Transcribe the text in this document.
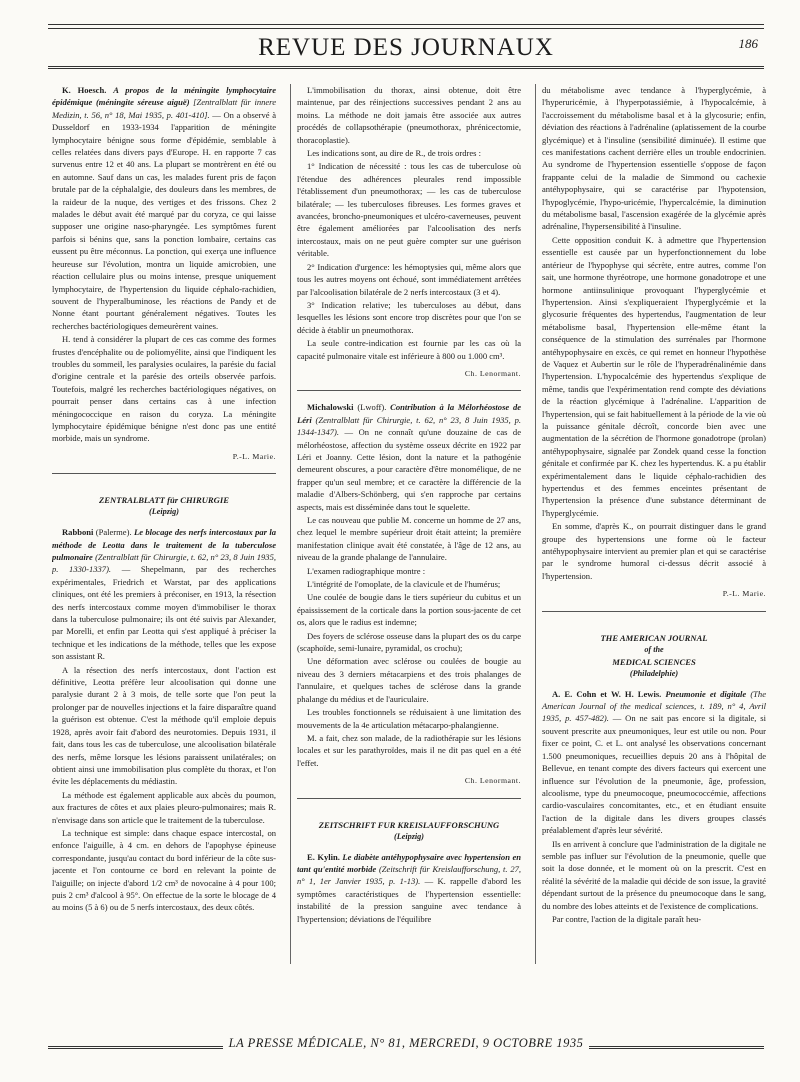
REVUE DES JOURNAUX	186

K. Hoesch. A propos de la méningite lymphocytaire épidémique (méningite séreuse aiguë) [Zentralblatt für innere Medizin, t. 56, n° 18, Mai 1935, p. 401-410]. — On a observé à Dusseldorf en 1933-1934 l'apparition de méningite lymphocytaire bénigne sous forme d'épidémie, semblable à celles relatées dans divers pays d'Europe. H. en rapporte 7 cas survenus entre 12 et 40 ans. La plupart se montrèrent en été ou en automne. Sauf dans un cas, les malades furent pris de façon brutale par de la céphalalgie, des douleurs dans les membres, de la raideur de la nuque, des vertiges et des frissons. Chez 2 malades le début avait été marqué par du coryza, ce qui laisse supposer une origine naso-pharyngée. Les symptômes furent parfois si bénins que, sans la ponction lombaire, certains cas eussent pu être méconnus. La ponction, qui exerça une influence heureuse sur l'évolution, montra un liquide amicrobien, une réaction cellulaire plus ou moins intense, presque uniquement lymphocytaire, de l'hypertension du liquide céphalo-rachidien, souvent de l'hyperalbuminose, les réactions de Pandy et de Nonne étant pourtant généralement négatives. Toutes les recherches bactériologiques demeurèrent vaines.

H. tend à considérer la plupart de ces cas comme des formes frustes d'encéphalite ou de poliomyélite, ainsi que l'indiquent les troubles du sommeil, les paralysies oculaires, la parésie du facial d'origine centrale et la parésie des orteils observée parfois. Toutefois, malgré les recherches bactériologiques négatives, on pourrait penser dans certains cas à une infection méningococcique en raison du coryza. La méningite lymphocytaire épidémique bénigne n'est donc pas une entité morbide, mais un syndrome.

P.-L. Marie.
ZENTRALBLATT für CHIRURGIE
(Leipzig)

Rabboni (Palerme). Le blocage des nerfs intercostaux par la méthode de Leotta dans le traitement de la tuberculose pulmonaire (Zentralblatt für Chirurgie, t. 62, n° 23, 8 Juin 1935, p. 1330-1337). — Shepelmann, par des recherches expérimentales, Friedrich et Warstat, par des applications cliniques, ont été les premiers à préconiser, en 1913, la résection des nerfs intercostaux comme moyen d'immobiliser le thorax dans la tuberculose pulmonaire; ils ont été suivis par Alexander, par Morelli, et enfin par Leotta qui s'est appliqué à préciser la technique et les indications de la méthode, telles que les expose son assistant R.

A la résection des nerfs intercostaux, dont l'action est définitive, Leotta préfère leur alcoolisation qui donne une paralysie durant 2 à 3 mois, de telle sorte que l'on peut la prolonger par de nouvelles injections et la faire disparaître quand la guérison est obtenue. C'est la méthode qu'il emploie depuis 1928, après avoir fait d'abord des neurotomies. Depuis 1931, il fait, dans tous les cas de tuberculose, une alcoolisation bilatérale des nerfs, même lorsque les lésions paraissent unilatérales; on obtient ainsi une immobilisation plus complète du thorax, et l'on évite les déplacements du médiastin.

La méthode est également applicable aux abcès du poumon, aux fractures de côtes et aux plaies pleuro-pulmonaires; mais R. n'envisage dans son article que le traitement de la tuberculose.

La technique est simple: dans chaque espace intercostal, on enfonce l'aiguille, à 4 cm. en dehors de l'apophyse épineuse correspondante, jusqu'au contact du bord inférieur de la côte sus-jacente et l'on contourne ce bord en relevant la pointe de l'aiguille; on injecte d'abord 1/2 cm³ de novocaïne à 4 pour 100; puis 2 cm³ d'alcool à 95°. On effectue de la sorte le blocage de 4 au moins (5 à 6) ou de 5 nerfs intercostaux, des deux côtés.

L'immobilisation du thorax, ainsi obtenue, doit être maintenue, par des réinjections successives pendant 2 ans au moins. La méthode ne doit jamais être associée aux autres procédés de collapsothérapie (pneumothorax, phrénicectomie, thoracoplastie).

Les indications sont, au dire de R., de trois ordres :

1° Indication de nécessité : tous les cas de tuberculose où l'étendue des adhérences pleurales rend impossible l'établissement d'un pneumothorax; — les cas de tuberculose bilatérale; — les tuberculoses fibreuses. Les formes graves et avancées, broncho-pneumoniques et ulcéro-caverneuses, peuvent être également améliorées par l'alcoolisation des nerfs intercostaux, mais on ne peut guère compter sur une guérison véritable.

2° Indication d'urgence: les hémoptysies qui, même alors que tous les autres moyens ont échoué, sont immédiatement arrêtées par l'alcoolisation bilatérale de 2 nerfs intercostaux (3 et 4).

3° Indication relative; les tuberculoses au début, dans lesquelles les lésions sont encore trop discrètes pour que l'on se décide à établir un pneumothorax.

La seule contre-indication est fournie par les cas où la capacité pulmonaire vitale est inférieure à 800 ou 1.000 cm³.

Ch. Lenormant.

Michalowski (Lwoff). Contribution à la Mélorhéostose de Léri (Zentralblatt für Chirurgie, t. 62, n° 23, 8 Juin 1935, p. 1344-1347). — On ne connaît qu'une douzaine de cas de mélorhéostose, affection du système osseux décrite en 1922 par Léri et Joanny. Cette lésion, dont la nature et la pathogénie demeurent obscures, a pour caractère d'être monomélique, de ne frapper qu'un seul membre; et ce caractère la différencie de la maladie d'Albers-Schönberg, qui s'en rapproche par certains aspects, mais est disséminée dans tout le squelette.

Le cas nouveau que publie M. concerne un homme de 27 ans, chez lequel le membre supérieur droit était atteint; la première manifestation clinique avait été constatée, à l'âge de 12 ans, au niveau de la grande phalange de l'annulaire.

L'examen radiographique montre :

L'intégrité de l'omoplate, de la clavicule et de l'humérus;

Une coulée de bougie dans le tiers supérieur du cubitus et un épaississement de la corticale dans la portion sous-jacente de cet os, alors que le radius est indemne;

Des foyers de sclérose osseuse dans la plupart des os du carpe (scaphoïde, semi-lunaire, pyramidal, os crochu);

Une déformation avec sclérose ou coulées de bougie au niveau des 3 derniers métacarpiens et des trois phalanges de l'annulaire, et quelques taches de sclérose dans la grande phalange du médius et de l'auriculaire.

Les troubles fonctionnels se réduisaient à une limitation des mouvements de la 4e articulation métacarpo-phalangienne.

M. a fait, chez son malade, de la radiothérapie sur les lésions locales et sur les parathyroïdes, mais il ne dit pas quel en a été l'effet.

Ch. Lenormant.
ZEITSCHRIFT FUR KREISLAUFFORSCHUNG
(Leipzig)

E. Kylin. Le diabète antéhypophysaire avec hypertension en tant qu'entité morbide (Zeitschrift für Kreislaufforschung, t. 27, n° 1, 1er Janvier 1935, p. 1-13). — K. rappelle d'abord les symptômes caractéristiques de l'hypertension essentielle: instabilité de la pression sanguine avec tendance à l'hypertension; déviations de l'équilibre

du métabolisme avec tendance à l'hyperglycémie, à l'hyperuricémie, à l'hyperpotassiémie, à l'hypocalcémie, à l'accroissement du métabolisme basal et à la glycosurie; enfin, déviation des réactions à l'adrénaline (aplatissement de la courbe glycémique) et à l'insuline (sensibilité diminuée). Il estime que ces manifestations cachent derrière elles un trouble endocrinien. Au syndrome de l'hypertension essentielle s'oppose de façon frappante celui de la maladie de Simmond ou cachexie antéhypophysaire, qui se caractérise par l'hypotension, l'hypoglycémie, l'hypo-uricémie, l'hypercalcémie, la diminution du métabolisme basal, l'ascension exagérée de la glycémie après adrénaline, l'hypersensibilité à l'insuline.

Cette opposition conduit K. à admettre que l'hypertension essentielle est causée par un hyperfonctionnement du lobe antérieur de l'hypophyse qui sécrète, entre autres, comme l'on sait, une hormone thyréotrope, une hormone gonadotrope et une hormone antiinsulinique provoquant l'hyperglycémie et l'hypertension. Ainsi s'expliqueraient l'hyperglycémie et la glycosurie fréquentes des hypertendus, l'augmentation de leur métabolisme basal, l'hypertension elle-même étant la conséquence de la stimulation des surrénales par l'hormone antéhypophysaire en excès, ce qui remet en honneur l'hypothèse de Vaquez et Aubertin sur le rôle de l'hyperadrénalinémie dans l'hypertension. L'hypocalcémie des hypertendus s'explique de même, tandis que l'expérimentation rend compte des déviations de la réaction glycémique à l'adrénaline. L'apparition de l'hypertension, qui se fait habituellement à la période de la vie où la puissance génitale décroît, concorde bien avec une augmentation de la sécrétion de l'hormone gonadotrope (prolan) antéhypophysaire, signalée par Zondek quand cesse la fonction génitale et confirmée par K. chez les hypertendus. K. a pu établir expérimentalement dans le liquide céphalo-rachidien des hypertendus et des femmes enceintes présentant de l'hypertension la présence d'une substance déterminant de l'hyperglycémie.

En somme, d'après K., on pourrait distinguer dans le grand groupe des hypertensions une forme où le facteur antéhypophysaire intervient au premier plan et qui se caractérise par le syndrome humoral ci-dessus décrit associé à l'hypertension.

P.-L. Marie.
THE AMERICAN JOURNAL
of the
MEDICAL SCIENCES
(Philadelphie)

A. E. Cohn et W. H. Lewis. Pneumonie et digitale (The American Journal of the medical sciences, t. 189, n° 4, Avril 1935, p. 457-482). — On ne sait pas encore si la digitale, si souvent prescrite aux pneumoniques, leur est utile ou non. Pour fixer ce point, C. et L. ont analysé les observations concernant 1.500 pneumoniques, recueillies depuis 20 ans à l'hôpital de Bellevue, en tenant compte des divers facteurs qui exercent une influence sur l'évolution de la pneumonie, âge, profession, alcoolisme, type du pneumocoque, pneumococcémie, affections cardio-vasculaires concomitantes, etc., et en étudiant ensuite l'action de la digitale dans les divers groupes classés préalablement d'après leur sévérité.

Ils en arrivent à conclure que l'administration de la digitale ne semble pas influer sur l'évolution de la pneumonie, quelle que soit la dose donnée, et le moment où on la prescrit. C'est en réalité la sévérité de la maladie qui décide de son issue, la gravité dépendant surtout de la présence du pneumocoque dans le sang, du nombre des lobes atteints et de l'existence de complications.

Par contre, l'action de la digitale paraît heu-

LA PRESSE MÉDICALE, N° 81, MERCREDI, 9 OCTOBRE 1935
